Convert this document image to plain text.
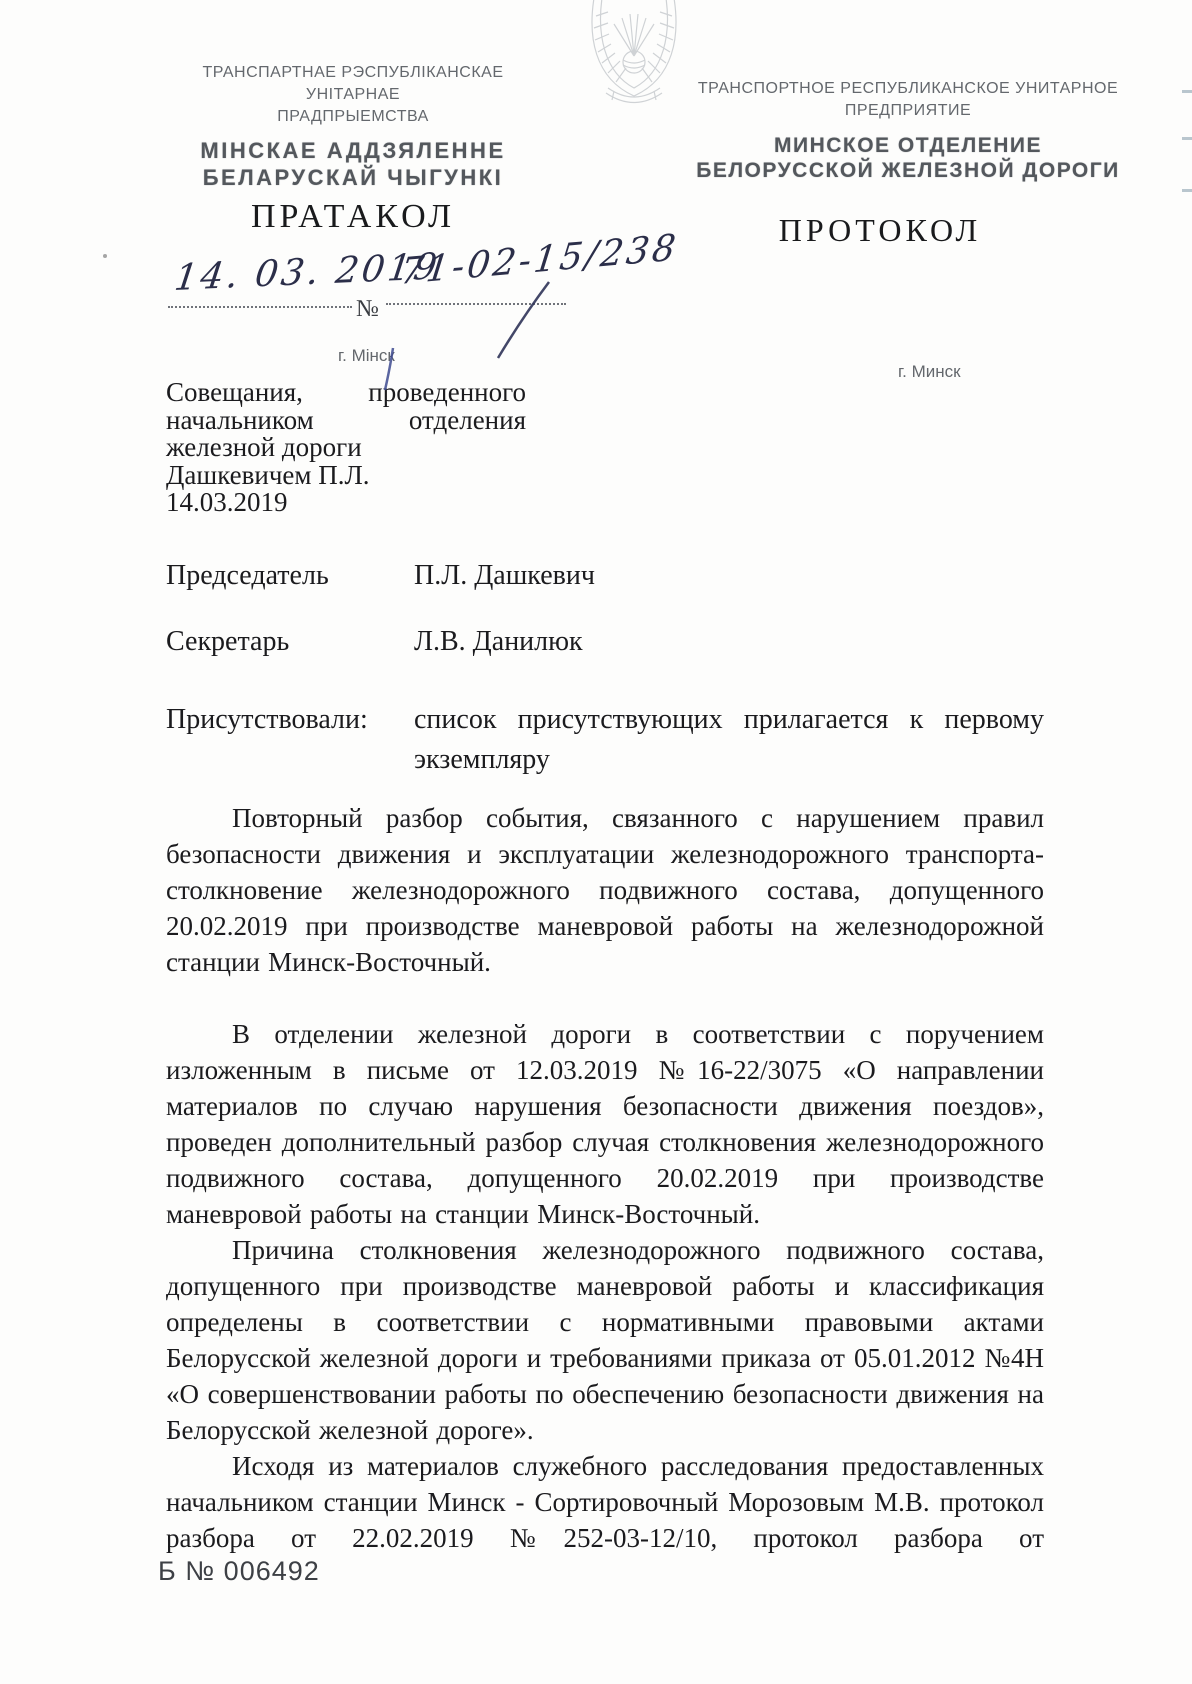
ТРАНСПАРТНАЕ РЭСПУБЛІКАНСКАЕ УНІТАРНАЕ
ПРАДПРЫЕМСТВА
МІНСКАЕ АДДЗЯЛЕННЕ
БЕЛАРУСКАЙ ЧЫГУНКІ
ТРАНСПОРТНОЕ РЕСПУБЛИКАНСКОЕ УНИТАРНОЕ
ПРЕДПРИЯТИЕ
МИНСКОЕ ОТДЕЛЕНИЕ
БЕЛОРУССКОЙ ЖЕЛЕЗНОЙ ДОРОГИ
ПРАТАКОЛ	ПРОТОКОЛ
14. 03. 2019
№
71-02-15/238
г. Мінск
г. Минск
Совещания, проведенного
начальником отделения
железной дороги
Дашкевичем П.Л.
14.03.2019
Председатель	П.Л. Дашкевич
Секретарь	Л.В. Данилюк
Присутствовали: список присутствующих прилагается к первому экземпляру

Повторный разбор события, связанного с нарушением правил безопасности движения и эксплуатации железнодорожного транспорта- столкновение железнодорожного подвижного состава, допущенного 20.02.2019 при производстве маневровой работы на железнодорожной станции Минск-Восточный.

В отделении железной дороги в соответствии с поручением изложенным в письме от 12.03.2019 №16-22/3075 «О направлении материалов по случаю нарушения безопасности движения поездов», проведен дополнительный разбор случая столкновения железнодорожного подвижного состава, допущенного 20.02.2019 при производстве маневровой работы на станции Минск-Восточный.

Причина столкновения железнодорожного подвижного состава, допущенного при производстве маневровой работы и классификация определены в соответствии с нормативными правовыми актами Белорусской железной дороги и требованиями приказа от 05.01.2012 №4Н «О совершенствовании работы по обеспечению безопасности движения на Белорусской железной дороге».

Исходя из материалов служебного расследования предоставленных начальником станции Минск - Сортировочный Морозовым М.В. протокол разбора от 22.02.2019 №252-03-12/10, протокол разбора от

Б № 006492
